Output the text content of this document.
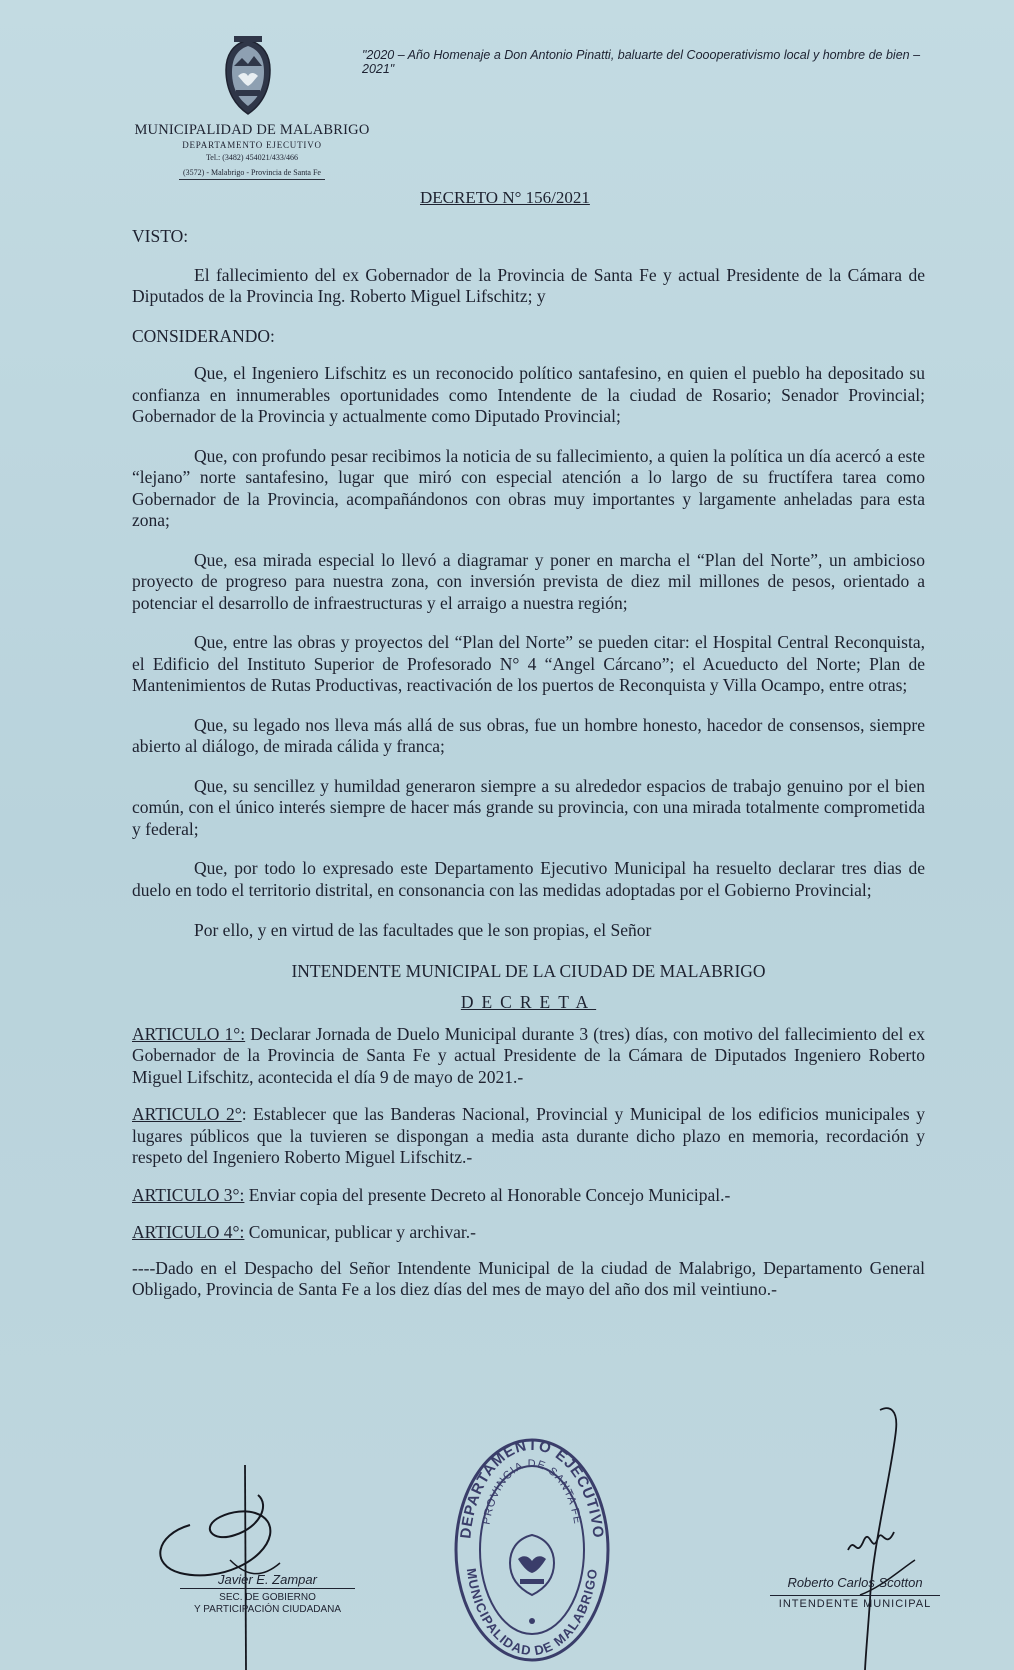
"2020 – Año Homenaje a Don Antonio Pinatti, baluarte del Coooperativismo local y hombre de bien – 2021"
MUNICIPALIDAD DE MALABRIGO
DEPARTAMENTO EJECUTIVO
Tel.: (3482) 454021/433/466
(3572) - Malabrigo - Provincia de Santa Fe
DECRETO N° 156/2021
VISTO:
El fallecimiento del ex Gobernador de la Provincia de Santa Fe y actual Presidente de la Cámara de Diputados de la Provincia Ing. Roberto Miguel Lifschitz; y
CONSIDERANDO:
Que, el Ingeniero Lifschitz es un reconocido político santafesino, en quien el pueblo ha depositado su confianza en innumerables oportunidades como Intendente de la ciudad de Rosario; Senador Provincial; Gobernador de la Provincia y actualmente como Diputado Provincial;
Que, con profundo pesar recibimos la noticia de su fallecimiento, a quien la política un día acercó a este “lejano” norte santafesino, lugar que miró con especial atención a lo largo de su fructífera tarea como Gobernador de la Provincia, acompañándonos con obras muy importantes y largamente anheladas para esta zona;
Que, esa mirada especial lo llevó a diagramar y poner en marcha el “Plan del Norte”, un ambicioso proyecto de progreso para nuestra zona, con inversión prevista de diez mil millones de pesos, orientado a potenciar el desarrollo de infraestructuras y el arraigo a nuestra región;
Que, entre las obras y proyectos del “Plan del Norte” se pueden citar: el Hospital Central Reconquista, el Edificio del Instituto Superior de Profesorado N° 4 “Angel Cárcano”; el Acueducto del Norte; Plan de Mantenimientos de Rutas Productivas, reactivación de los puertos de Reconquista y Villa Ocampo, entre otras;
Que, su legado nos lleva más allá de sus obras, fue un hombre honesto, hacedor de consensos, siempre abierto al diálogo, de mirada cálida y franca;
Que, su sencillez y humildad generaron siempre a su alrededor espacios de trabajo genuino por el bien común, con el único interés siempre de hacer más grande su provincia, con una mirada totalmente comprometida y federal;
Que, por todo lo expresado este Departamento Ejecutivo Municipal ha resuelto declarar tres dias de duelo en todo el territorio distrital, en consonancia con las medidas adoptadas por el Gobierno Provincial;
Por ello, y en virtud de las facultades que le son propias, el Señor
INTENDENTE MUNICIPAL DE LA CIUDAD DE MALABRIGO
DECRETA
ARTICULO 1°: Declarar Jornada de Duelo Municipal durante 3 (tres) días, con motivo del fallecimiento del ex Gobernador de la Provincia de Santa Fe y actual Presidente de la Cámara de Diputados Ingeniero Roberto Miguel Lifschitz, acontecida el día 9 de mayo de 2021.-
ARTICULO 2°: Establecer que las Banderas Nacional, Provincial y Municipal de los edificios municipales y lugares públicos que la tuvieren se dispongan a media asta durante dicho plazo en memoria, recordación y respeto del Ingeniero Roberto Miguel Lifschitz.-
ARTICULO 3°: Enviar copia del presente Decreto al Honorable Concejo Municipal.-
ARTICULO 4°: Comunicar, publicar y archivar.-
----Dado en el Despacho del Señor Intendente Municipal de la ciudad de Malabrigo, Departamento General Obligado, Provincia de Santa Fe a los diez días del mes de mayo del año dos mil veintiuno.-
Javier E. Zampar
SEC. DE GOBIERNO
Y PARTICIPACIÓN CIUDADANA
DEPARTAMENTO EJECUTIVO
MUNICIPALIDAD DE MALABRIGO
PROVINCIA DE SANTA FE
Roberto Carlos Scotton
INTENDENTE MUNICIPAL
